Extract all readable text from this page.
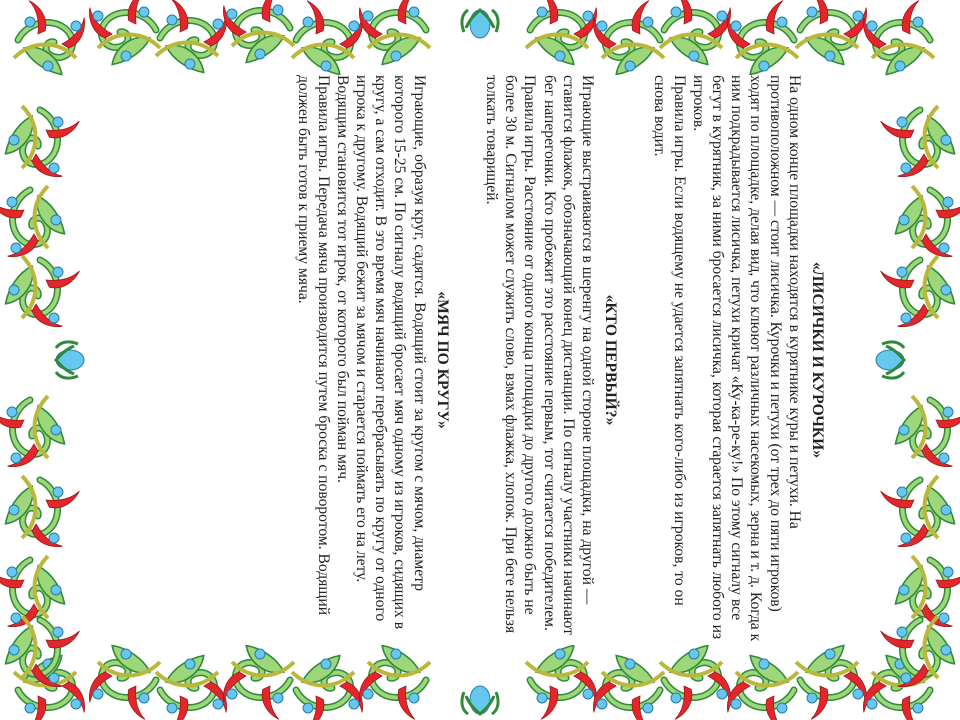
«ЛИСИЧКИ И КУРОЧКИ»

На одном конце площадки находятся в курятнике куры и петухи. На противоположном — стоит лисичка. Курочки и петухи (от трех до пяти игроков) ходят по площадке, делая вид, что клюют различных насекомых, зерна и т. д. Когда к ним подкрадывается лисичка, петухи кричат «Ку-ка-ре-ку!» По этому сигналу все бегут в курятник, за ними бросается лисичка, которая старается запятнать любого из игроков.

Правила игры. Если водящему не удается запятнать кого-либо из игроков, то он снова водит.

«КТО ПЕРВЫЙ?»

Играющие выстраиваются в шеренгу на одной стороне площадки, на другой —ставится флажок, обозначающий конец дистанции. По сигналу участники начинают бег наперегонки. Кто пробежит это расстояние первым, тот считается победителем.

Правила игры. Расстояние от одного конца площадки до другого должно быть не более 30 м. Сигналом может служить слово, взмах флажка, хлопок. При беге нельзя толкать товарищей.

«МЯЧ ПО КРУГУ»

Играющие, образуя круг, садятся. Водящий стоит за кругом с мячом, диаметр которого 15-25 см. По сигналу водящий бросает мяч одному из игроков, сидящих в кругу, а сам отходит. В это время мяч начинают перебрасывать по кругу от одного игрока к другому. Водящий бежит за мячом и старается поймать его на лету. Водящим становится тот игрок, от которого был пойман мяч.

Правила игры. Передача мяча производится путем броска с поворотом. Водящий должен быть готов к приему мяча.
